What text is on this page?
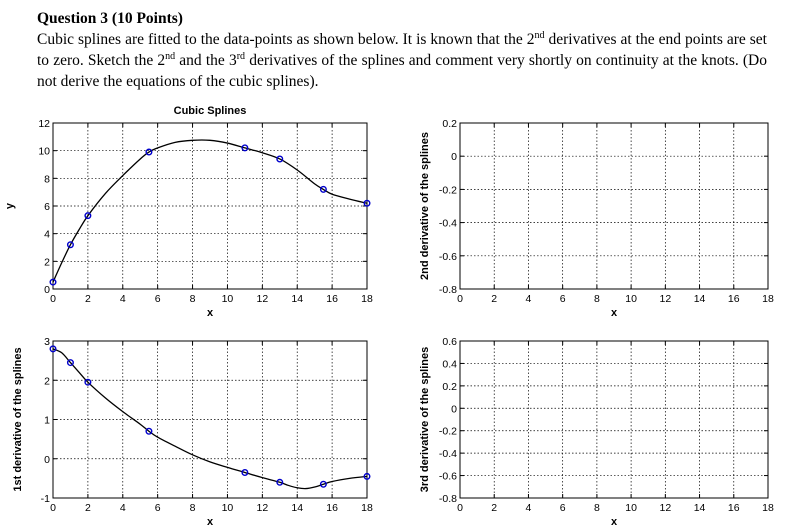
Question 3 (10 Points)

Cubic splines are fitted to the data-points as shown below. It is known that the 2nd derivatives at the end points are set to zero. Sketch the 2nd and the 3rd derivatives of the splines and comment very shortly on continuity at the knots. (Do not derive the equations of the cubic splines).

0	2	4	6	8 10 12 14 16 18
0
2
4
6
8
10
12
Cubic Splines
x
y
0	2	4	6	8 10 12 14 16 18
-0.8
-0.6
-0.4
-0.2
0
0.2
x
2nd derivative of the splines
0	2	4	6	8 10 12 14 16 18
-1
0
1
2
3
x
1st derivative of the splines
0	2	4	6	8 10 12 14 16 18
-0.8
-0.6
-0.4
-0.2
0
0.2
0.4
0.6
x
3rd derivative of the splines
